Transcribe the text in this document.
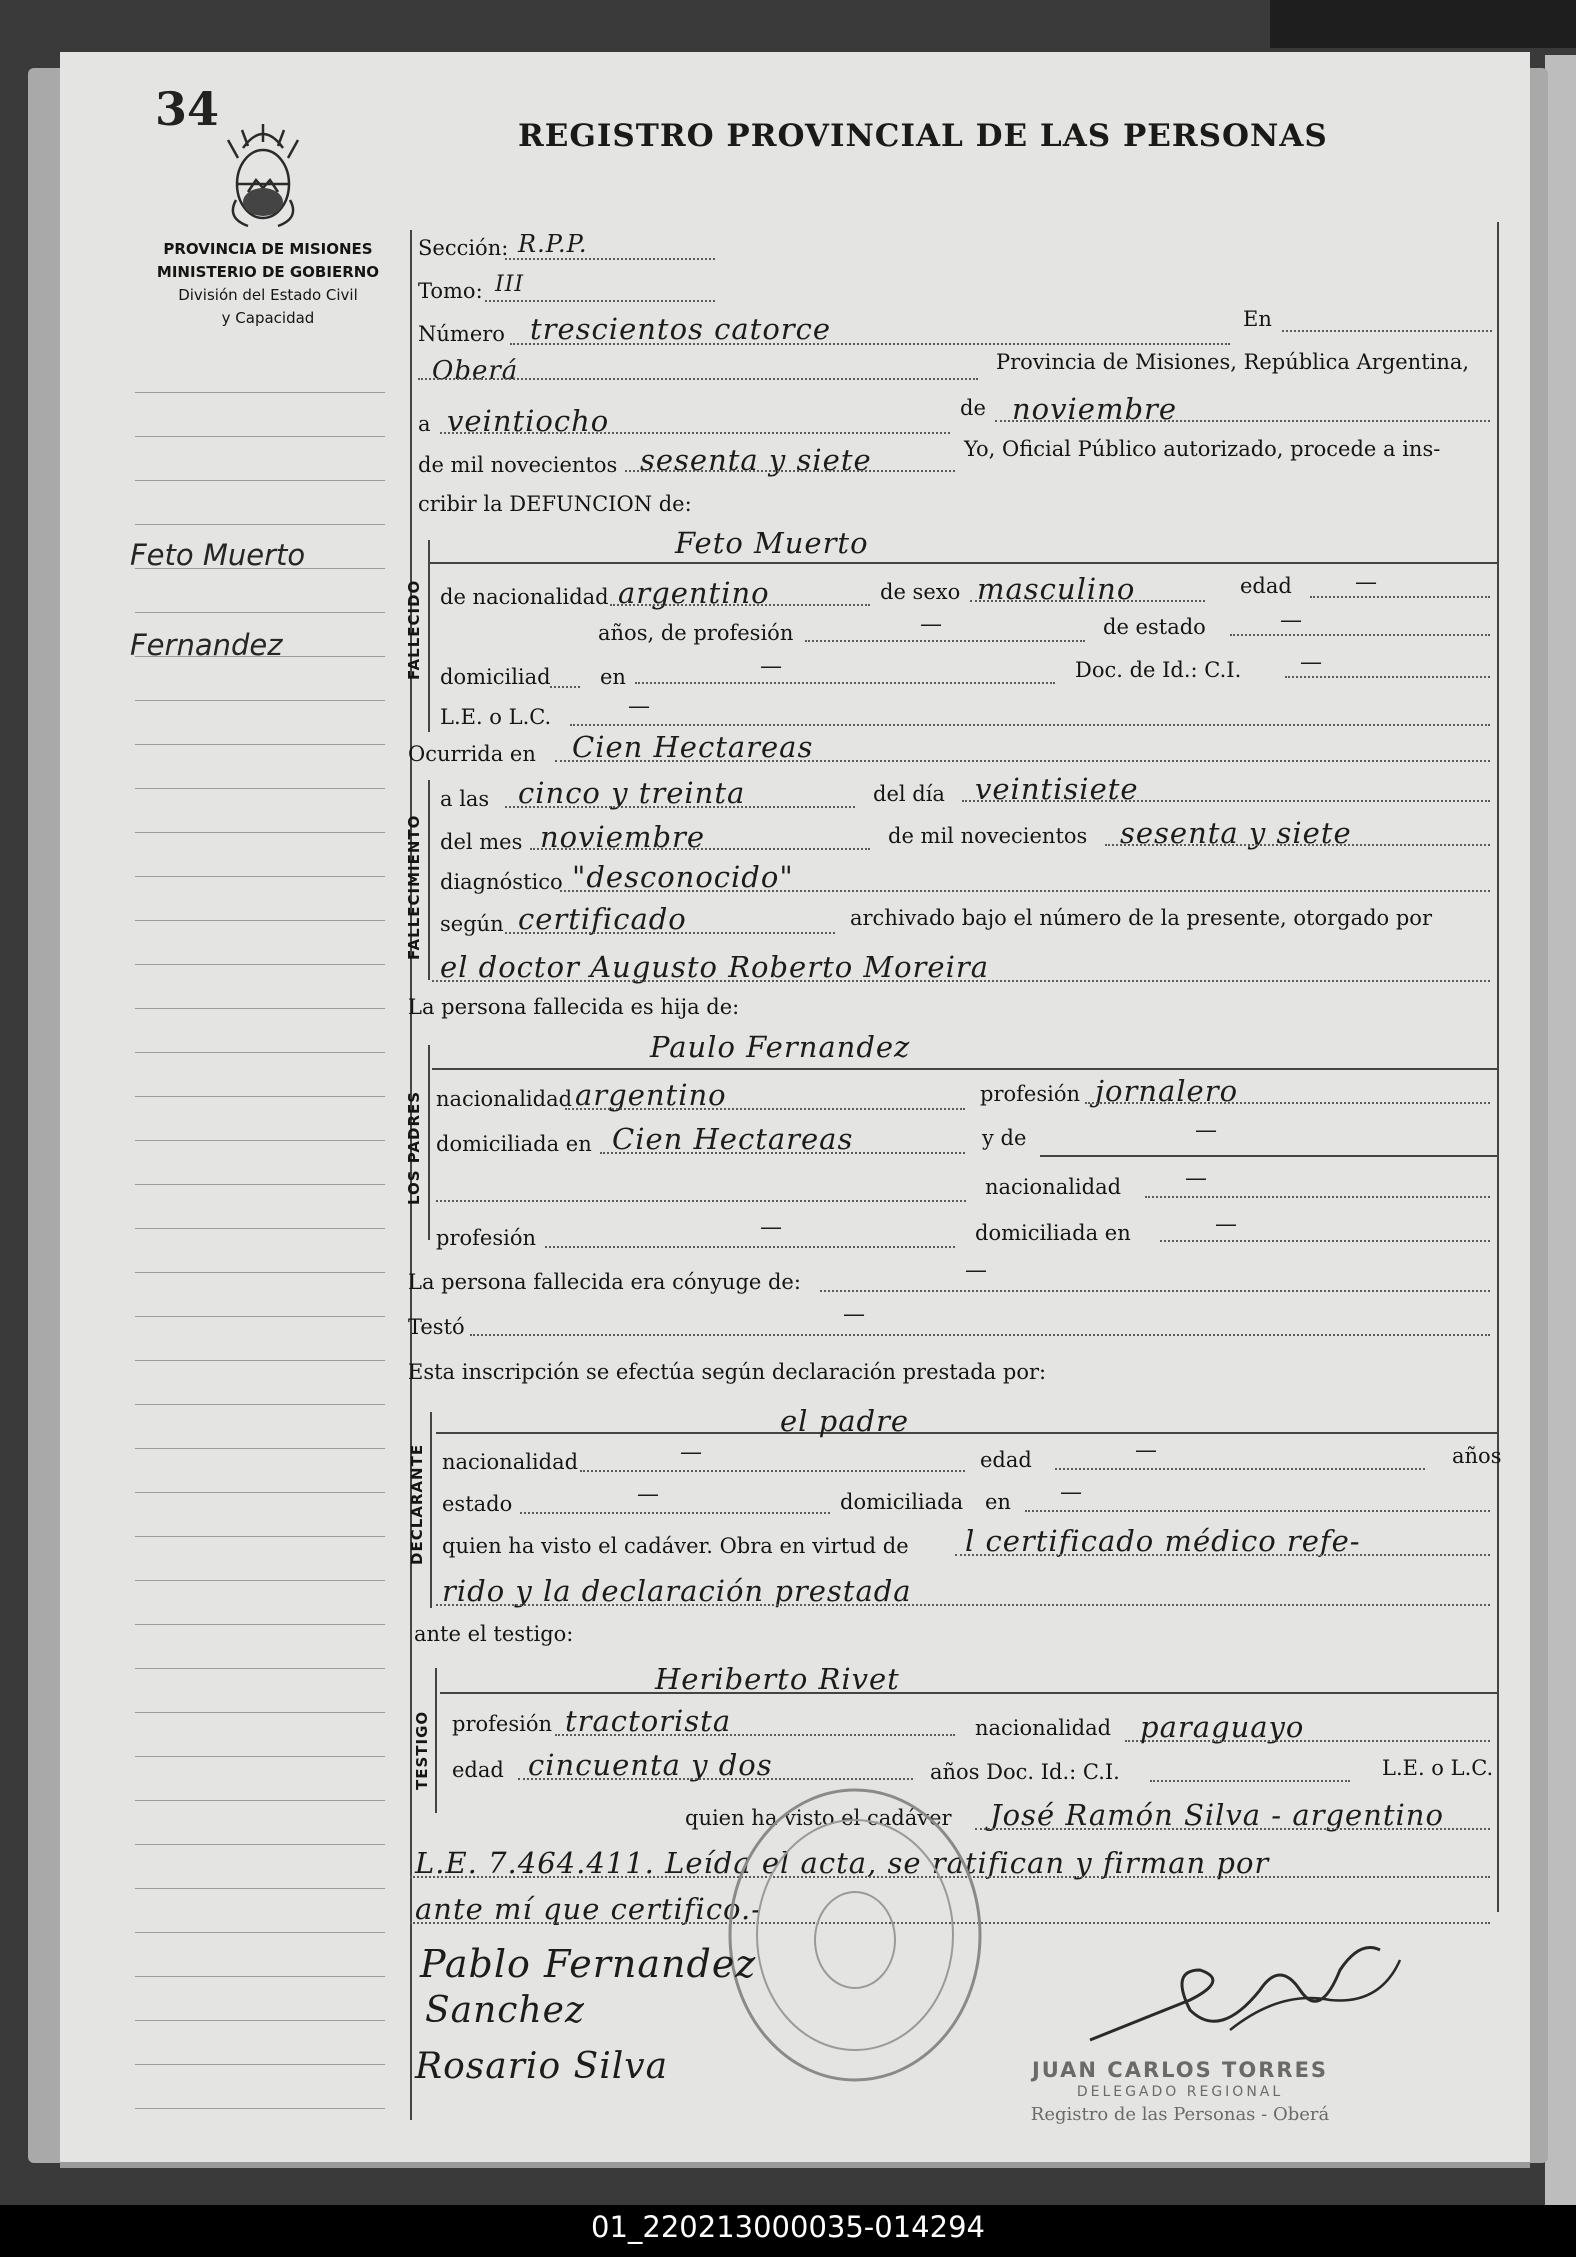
34	REGISTRO PROVINCIAL DE LAS PERSONAS
PROVINCIA DE MISIONES
MINISTERIO DE GOBIERNO
División del Estado Civil
y Capacidad
Feto Muerto
Fernandez
Sección: R.P.P.
Tomo: III
Número trescientos catorce	En
Oberá	Provincia de Misiones, República Argentina,
a veintiocho	de noviembre
de mil novecientos sesenta y siete	Yo, Oficial Público autorizado, procede a ins-
cribir la DEFUNCION de:
FALLECIDO
Feto Muerto
de nacionalidad argentino	de sexo masculino	edad	—
años, de profesión	—	de estado	—
domiciliad en	—	Doc. de Id.: C.I.	—
L.E. o L.C.	—
Ocurrida en Cien Hectareas
FALLECIMIENTO
a las cinco y treinta	del día veintisiete
del mes noviembre	de mil novecientos sesenta y siete
diagnóstico "desconocido"
según certificado	archivado bajo el número de la presente, otorgado por
el doctor Augusto Roberto Moreira
La persona fallecida es hija de:
LOS PADRES
Paulo Fernandez
nacionalidad argentino	profesión jornalero
domiciliada en Cien Hectareas	y de	—
nacionalidad	—
profesión	—	domiciliada en	—
La persona fallecida era cónyuge de:	—
Testó	—
Esta inscripción se efectúa según declaración prestada por:
DECLARANTE
el padre
nacionalidad	—	edad	—	años
estado	—	domiciliada en —
quien ha visto el cadáver. Obra en virtud de l certificado médico refe-
rido y la declaración prestada
ante el testigo:
TESTIGO
Heriberto Rivet
profesión tractorista	nacionalidad paraguayo
edad cincuenta y dos	años Doc. Id.: C.I.	L.E. o L.C.
quien ha visto el cadáver José Ramón Silva - argentino
L.E. 7.464.411. Leída el acta, se ratifican y firman por
ante mí que certifico.-
Pablo Fernandez
Sanchez
Rosario Silva	JUAN CARLOS TORRES
DELEGADO REGIONAL
Registro de las Personas - Oberá
01_220213000035-014294
